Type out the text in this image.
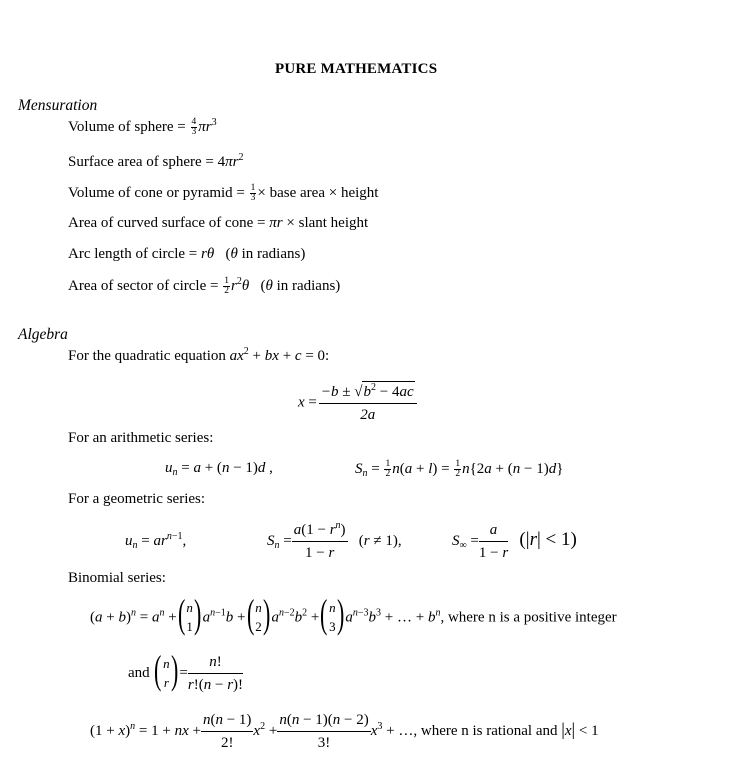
PURE MATHEMATICS
Mensuration
Volume of sphere = $\frac{4}{3} \pi r^3$
Surface area of sphere = $4\pi r^2$
Volume of cone or pyramid = $\frac{1}{3}$ × base area × height
Area of curved surface of cone = πr × slant height
Arc length of circle = rθ   (θ in radians)
Area of sector of circle = $\frac{1}{2} r^2\theta$   (θ in radians)
Algebra
For the quadratic equation $ax^2$ + bx + c = 0:
$x = \frac{-b \pm √b^2 - 4ac}{2a}$
For an arithmetic series:
$u_n = a + (n - 1)d$ ,	$S_n = \frac{1}{2} n(a + l) = \frac{1}{2} n\{2a + (n - 1)d\}$
For a geometric series:
$u_n = ar^{n-1}$,	$S_n = \frac{a(1 - r^n)}{1 - r} (r \ne 1)$,	$S_\infty = \frac{a}{1 - r} (|r| < 1)$
Binomial series:
$(a + b)^n = a^n$ + ( n
1 ) $a^{n-1}b$ + ( n
2 ) $a^{n-2}b^2$ + ( n
3 ) $a^{n-3}b^3$ + … + $b^n$, where n is a positive integer
and ( n
r ) = $\frac{n!}{r!(n - r)!}$
$(1 + x)^n = 1$ + nx + $\frac{n(n - 1)}{2!} x^2 + \frac{n(n - 1)(n - 2)}{3!} x^3$ + …, where n is rational and |x| < 1
